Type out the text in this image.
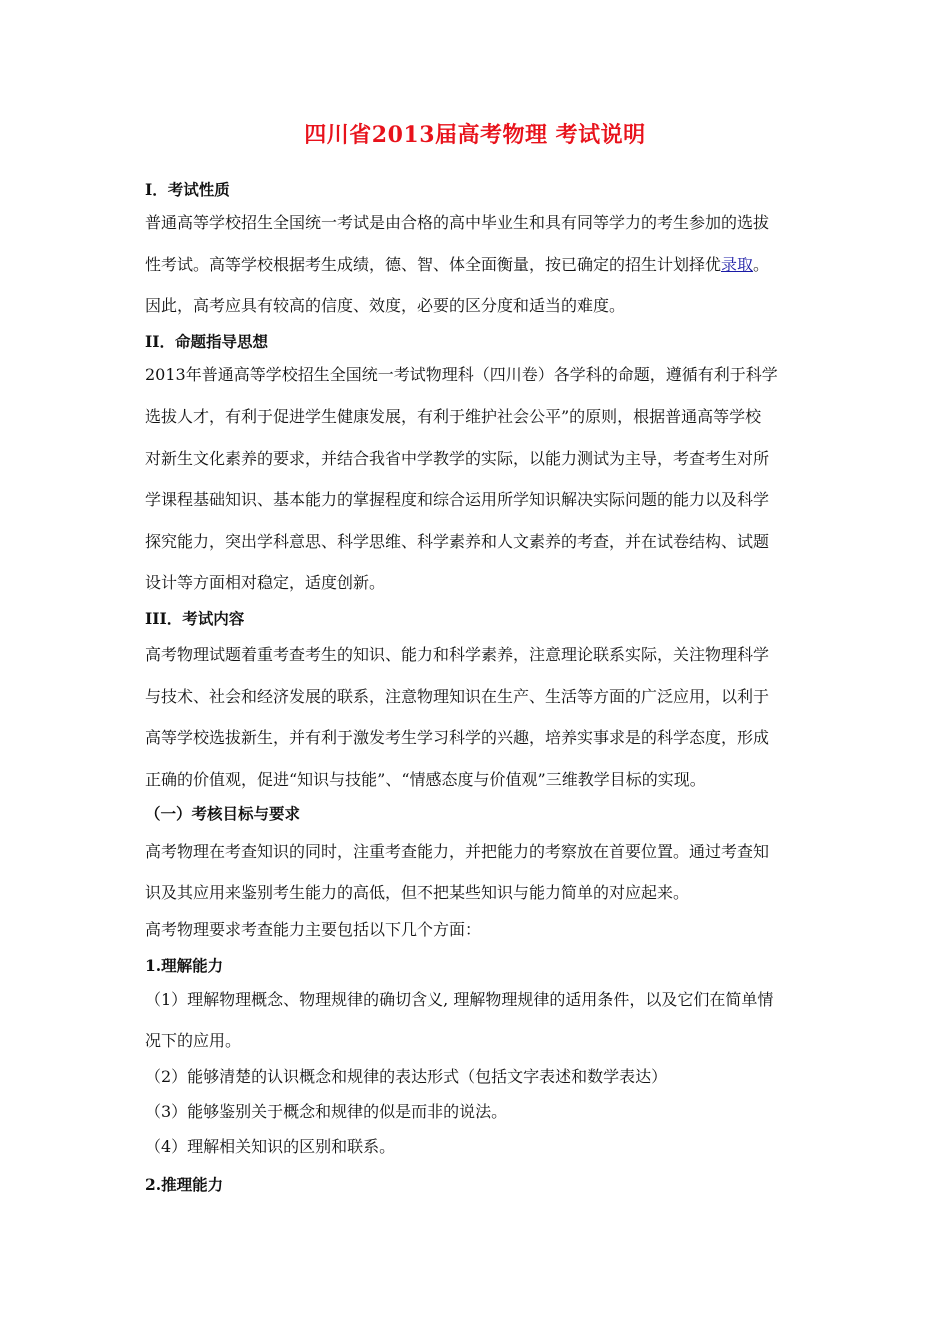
四川省2013届高考物理 考试说明
I．考试性质
普通高等学校招生全国统一考试是由合格的高中毕业生和具有同等学力的考生参加的选拔
性考试。高等学校根据考生成绩，德、智、体全面衡量，按已确定的招生计划择优录取。
因此，高考应具有较高的信度、效度，必要的区分度和适当的难度。
II．命题指导思想
2013年普通高等学校招生全国统一考试物理科（四川卷）各学科的命题，遵循有利于科学
选拔人才，有利于促进学生健康发展，有利于维护社会公平”的原则，根据普通高等学校
对新生文化素养的要求，并结合我省中学教学的实际，以能力测试为主导，考查考生对所
学课程基础知识、基本能力的掌握程度和综合运用所学知识解决实际问题的能力以及科学
探究能力，突出学科意思、科学思维、科学素养和人文素养的考查，并在试卷结构、试题
设计等方面相对稳定，适度创新。
III．考试内容
高考物理试题着重考查考生的知识、能力和科学素养，注意理论联系实际，关注物理科学
与技术、社会和经济发展的联系，注意物理知识在生产、生活等方面的广泛应用，以利于
高等学校选拔新生，并有利于激发考生学习科学的兴趣，培养实事求是的科学态度，形成
正确的价值观，促进“知识与技能”、“情感态度与价值观”三维教学目标的实现。
（一）考核目标与要求
高考物理在考查知识的同时，注重考查能力，并把能力的考察放在首要位置。通过考查知
识及其应用来鉴别考生能力的高低，但不把某些知识与能力简单的对应起来。
高考物理要求考查能力主要包括以下几个方面：
1.理解能力
（1）理解物理概念、物理规律的确切含义, 理解物理规律的适用条件，以及它们在简单情
况下的应用。
（2）能够清楚的认识概念和规律的表达形式（包括文字表述和数学表达）
（3）能够鉴别关于概念和规律的似是而非的说法。
（4）理解相关知识的区别和联系。
2.推理能力
